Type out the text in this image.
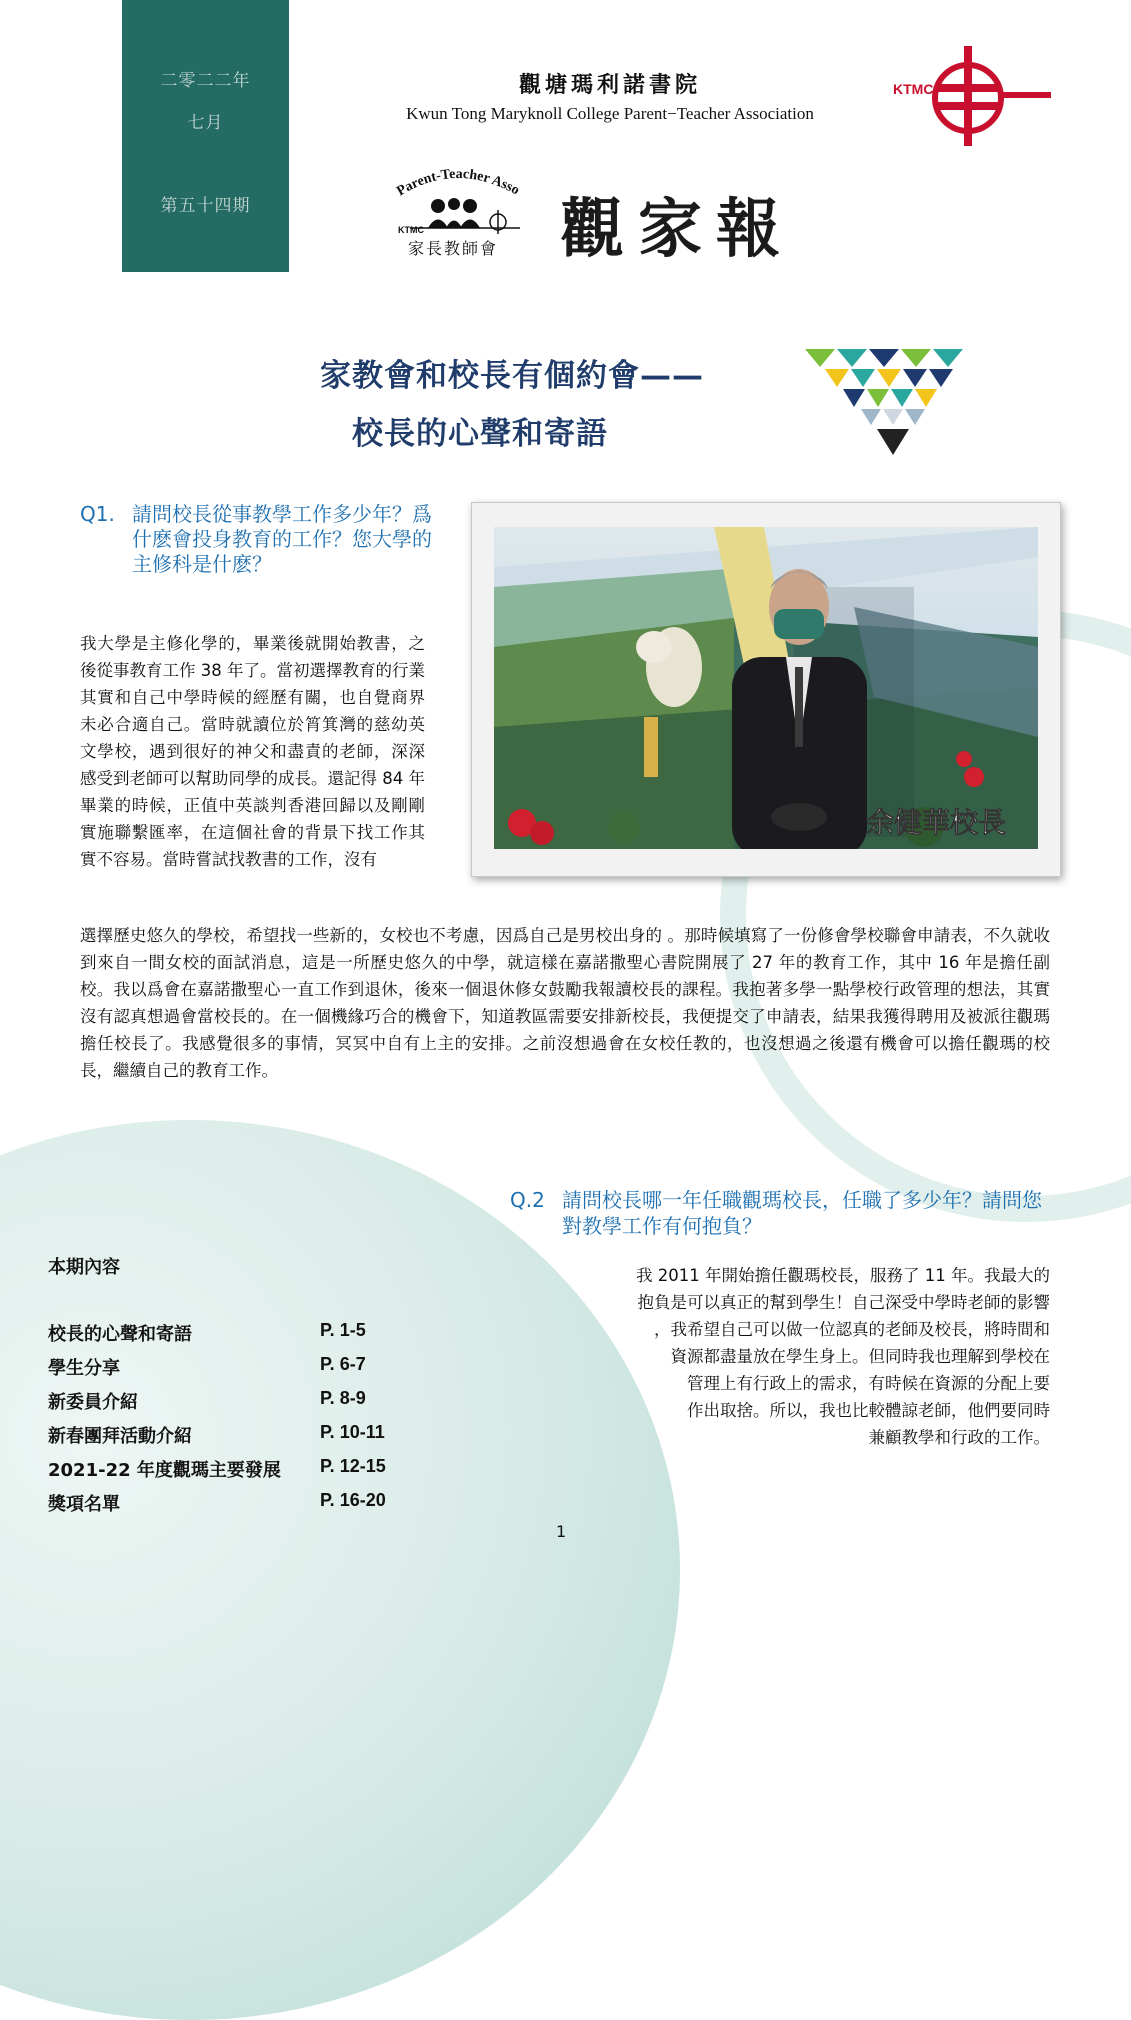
二零二二年
七月
第五十四期
觀塘瑪利諾書院
Kwun Tong Maryknoll College Parent−Teacher Association
KTMC
Parent-Teacher Asso
KTMC
家長教師會 觀家報
家教會和校長有個約會——
校長的心聲和寄語
Q1. 請問校長從事教學工作多少年？爲什麽會投身教育的工作？您大學的主修科是什麽？
余健華校長
我大學是主修化學的，畢業後就開始教書，之後從事教育工作 38 年了。當初選擇教育的行業其實和自己中學時候的經歷有關，也自覺商界未必合適自己。當時就讀位於筲箕灣的慈幼英文學校，遇到很好的神父和盡責的老師，深深感受到老師可以幫助同學的成長。還記得 84 年畢業的時候，正值中英談判香港回歸以及剛剛實施聯繫匯率，在這個社會的背景下找工作其實不容易。當時嘗試找教書的工作，沒有
選擇歷史悠久的學校，希望找一些新的，女校也不考慮，因爲自己是男校出身的 。那時候填寫了一份修會學校聯會申請表，不久就收到來自一間女校的面試消息，這是一所歷史悠久的中學，就這樣在嘉諾撒聖心書院開展了 27 年的教育工作，其中 16 年是擔任副校。我以爲會在嘉諾撒聖心一直工作到退休，後來一個退休修女鼓勵我報讀校長的課程。我抱著多學一點學校行政管理的想法，其實沒有認真想過會當校長的。在一個機緣巧合的機會下，知道教區需要安排新校長，我便提交了申請表，結果我獲得聘用及被派往觀瑪擔任校長了。我感覺很多的事情，冥冥中自有上主的安排。之前沒想過會在女校任教的，也沒想過之後還有機會可以擔任觀瑪的校長，繼續自己的教育工作。
Q.2 請問校長哪一年任職觀瑪校長，任職了多少年？請問您對教學工作有何抱負？
我 2011 年開始擔任觀瑪校長，服務了 11 年。我最大的
抱負是可以真正的幫到學生！自己深受中學時老師的影響
，我希望自己可以做一位認真的老師及校長，將時間和
資源都盡量放在學生身上。但同時我也理解到學校在
管理上有行政上的需求，有時候在資源的分配上要
作出取捨。所以，我也比較體諒老師，他們要同時
兼顧教學和行政的工作。
本期內容
校長的心聲和寄語	P. 1-5
學生分享	P. 6-7
新委員介紹	P. 8-9
新春團拜活動介紹	P. 10-11
2021-22 年度觀瑪主要發展 P. 12-15
獎項名單	P. 16-20
1
